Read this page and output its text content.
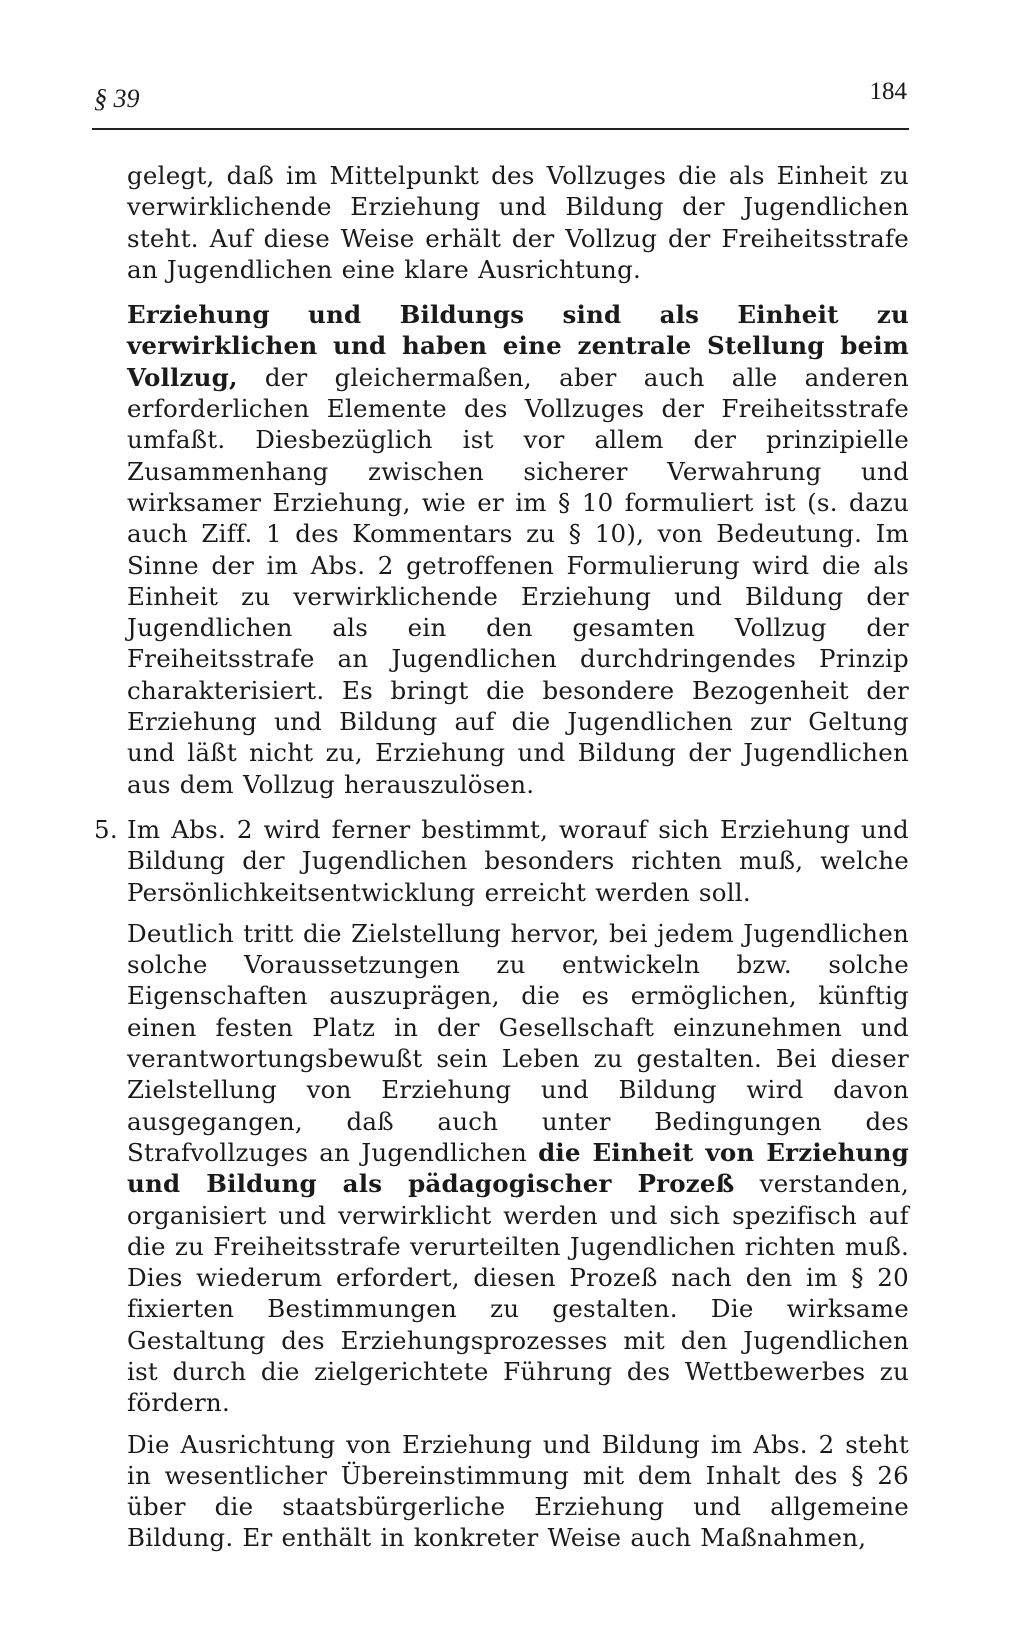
§ 39	184

gelegt, daß im Mittelpunkt des Vollzuges die als Einheit zu verwirklichende Erziehung und Bildung der Jugendlichen steht. Auf diese Weise erhält der Vollzug der Freiheitsstrafe an Jugendlichen eine klare Ausrichtung.

Erziehung und Bildungs sind als Einheit zu verwirklichen und haben eine zentrale Stellung beim Vollzug, der gleichermaßen, aber auch alle anderen erforderlichen Elemente des Vollzuges der Freiheitsstrafe umfaßt. Diesbezüglich ist vor allem der prinzipielle Zusammenhang zwischen sicherer Verwahrung und wirksamer Erziehung, wie er im § 10 formuliert ist (s. dazu auch Ziff. 1 des Kommentars zu § 10), von Bedeutung. Im Sinne der im Abs. 2 getroffenen Formulierung wird die als Einheit zu verwirklichende Erziehung und Bildung der Jugendlichen als ein den gesamten Vollzug der Freiheitsstrafe an Jugendlichen durchdringendes Prinzip charakterisiert. Es bringt die besondere Bezogenheit der Erziehung und Bildung auf die Jugendlichen zur Geltung und läßt nicht zu, Erziehung und Bildung der Jugendlichen aus dem Vollzug herauszulösen.

5. Im Abs. 2 wird ferner bestimmt, worauf sich Erziehung und Bildung der Jugendlichen besonders richten muß, welche Persönlichkeitsentwicklung erreicht werden soll.

Deutlich tritt die Zielstellung hervor, bei jedem Jugendlichen solche Voraussetzungen zu entwickeln bzw. solche Eigenschaften auszuprägen, die es ermöglichen, künftig einen festen Platz in der Gesellschaft einzunehmen und verantwortungsbewußt sein Leben zu gestalten. Bei dieser Zielstellung von Erziehung und Bildung wird davon ausgegangen, daß auch unter Bedingungen des Strafvollzuges an Jugendlichen die Einheit von Erziehung und Bildung als pädagogischer Prozeß verstanden, organisiert und verwirklicht werden und sich spezifisch auf die zu Freiheitsstrafe verurteilten Jugendlichen richten muß. Dies wiederum erfordert, diesen Prozeß nach den im § 20 fixierten Bestimmungen zu gestalten. Die wirksame Gestaltung des Erziehungsprozesses mit den Jugendlichen ist durch die zielgerichtete Führung des Wettbewerbes zu fördern.

Die Ausrichtung von Erziehung und Bildung im Abs. 2 steht in wesentlicher Übereinstimmung mit dem Inhalt des § 26 über die staatsbürgerliche Erziehung und allgemeine Bildung. Er enthält in konkreter Weise auch Maßnahmen,
